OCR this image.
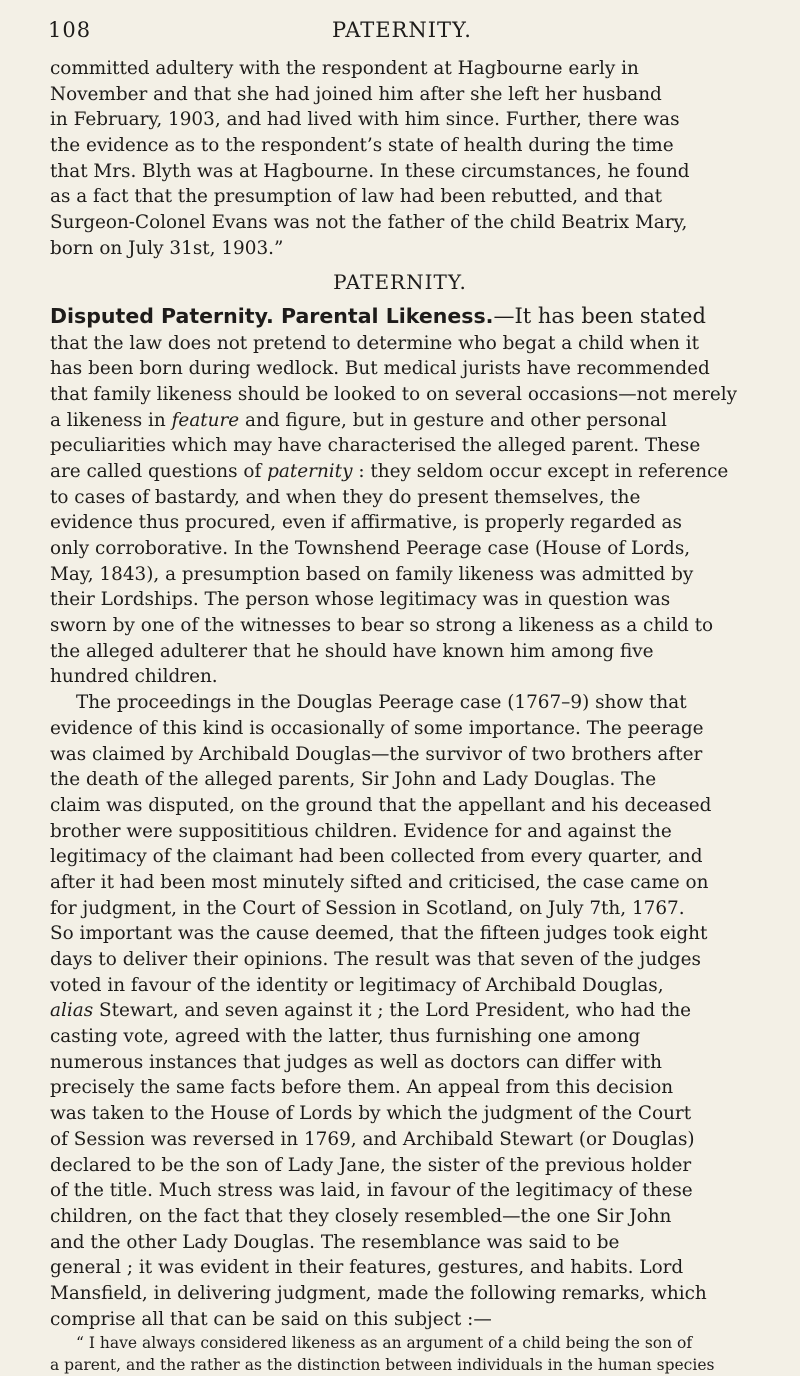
108	PATERNITY.
committed adultery with the respondent at Hagbourne early in
November and that she had joined him after she left her husband
in February, 1903, and had lived with him since. Further, there was
the evidence as to the respondent’s state of health during the time
that Mrs. Blyth was at Hagbourne. In these circumstances, he found
as a fact that the presumption of law had been rebutted, and that
Surgeon-Colonel Evans was not the father of the child Beatrix Mary,
born on July 31st, 1903.”
PATERNITY.
Disputed Paternity. Parental Likeness.—It has been stated
that the law does not pretend to determine who begat a child when it
has been born during wedlock. But medical jurists have recommended
that family likeness should be looked to on several occasions—not merely
a likeness in feature and figure, but in gesture and other personal
peculiarities which may have characterised the alleged parent. These
are called questions of paternity : they seldom occur except in reference
to cases of bastardy, and when they do present themselves, the
evidence thus procured, even if affirmative, is properly regarded as
only corroborative. In the Townshend Peerage case (House of Lords,
May, 1843), a presumption based on family likeness was admitted by
their Lordships. The person whose legitimacy was in question was
sworn by one of the witnesses to bear so strong a likeness as a child to
the alleged adulterer that he should have known him among five
hundred children.
The proceedings in the Douglas Peerage case (1767–9) show that
evidence of this kind is occasionally of some importance. The peerage
was claimed by Archibald Douglas—the survivor of two brothers after
the death of the alleged parents, Sir John and Lady Douglas. The
claim was disputed, on the ground that the appellant and his deceased
brother were supposititious children. Evidence for and against the
legitimacy of the claimant had been collected from every quarter, and
after it had been most minutely sifted and criticised, the case came on
for judgment, in the Court of Session in Scotland, on July 7th, 1767.
So important was the cause deemed, that the fifteen judges took eight
days to deliver their opinions. The result was that seven of the judges
voted in favour of the identity or legitimacy of Archibald Douglas,
alias Stewart, and seven against it ; the Lord President, who had the
casting vote, agreed with the latter, thus furnishing one among
numerous instances that judges as well as doctors can differ with
precisely the same facts before them. An appeal from this decision
was taken to the House of Lords by which the judgment of the Court
of Session was reversed in 1769, and Archibald Stewart (or Douglas)
declared to be the son of Lady Jane, the sister of the previous holder
of the title. Much stress was laid, in favour of the legitimacy of these
children, on the fact that they closely resembled—the one Sir John
and the other Lady Douglas. The resemblance was said to be
general ; it was evident in their features, gestures, and habits. Lord
Mansfield, in delivering judgment, made the following remarks, which
comprise all that can be said on this subject :—
“ I have always considered likeness as an argument of a child being the son of
a parent, and the rather as the distinction between individuals in the human species
